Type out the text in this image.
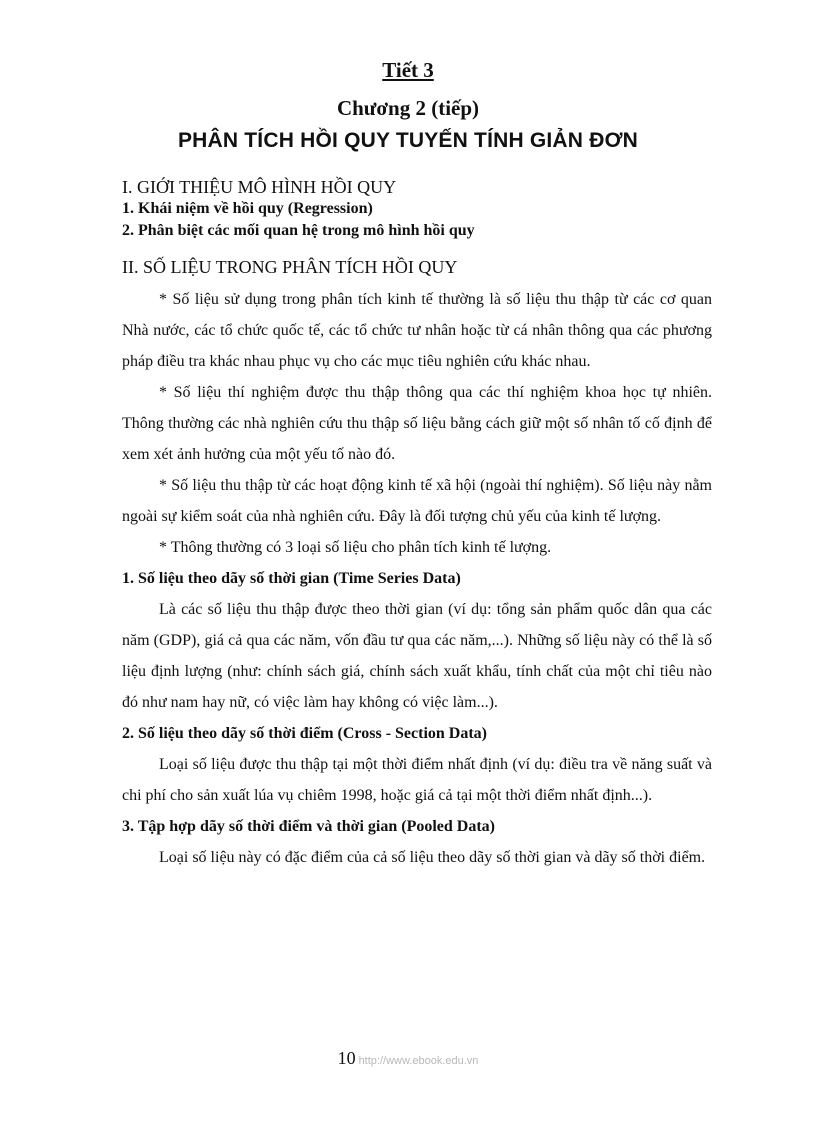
Tiết 3
Chương 2 (tiếp)
PHÂN TÍCH HỒI QUY TUYẾN TÍNH GIẢN ĐƠN
I. GIỚI THIỆU MÔ HÌNH HỒI QUY
1. Khái niệm về hồi quy (Regression)
2. Phân biệt các mối quan hệ trong mô hình hồi quy
II. SỐ LIỆU TRONG PHÂN TÍCH HỒI QUY

* Số liệu sử dụng trong phân tích kinh tế thường là số liệu thu thập từ các cơ quan Nhà nước, các tổ chức quốc tế, các tổ chức tư nhân hoặc từ cá nhân thông qua các phương pháp điều tra khác nhau phục vụ cho các mục tiêu nghiên cứu khác nhau.

* Số liệu thí nghiệm được thu thập thông qua các thí nghiệm khoa học tự nhiên. Thông thường các nhà nghiên cứu thu thập số liệu bằng cách giữ một số nhân tố cố định để xem xét ảnh hưởng của một yếu tố nào đó.

* Số liệu thu thập từ các hoạt động kinh tế xã hội (ngoài thí nghiệm). Số liệu này nằm ngoài sự kiểm soát của nhà nghiên cứu. Đây là đối tượng chủ yếu của kinh tế lượng.

* Thông thường có 3 loại số liệu cho phân tích kinh tế lượng.

1. Số liệu theo dãy số thời gian (Time Series Data)

Là các số liệu thu thập được theo thời gian (ví dụ: tổng sản phẩm quốc dân qua các năm (GDP), giá cả qua các năm, vốn đầu tư qua các năm,...). Những số liệu này có thể là số liệu định lượng (như: chính sách giá, chính sách xuất khẩu, tính chất của một chỉ tiêu nào đó như nam hay nữ, có việc làm hay không có việc làm...).

2. Số liệu theo dãy số thời điểm (Cross - Section Data)

Loại số liệu được thu thập tại một thời điểm nhất định (ví dụ: điều tra về năng suất và chi phí cho sản xuất lúa vụ chiêm 1998, hoặc giá cả tại một thời điểm nhất định...).

3. Tập hợp dãy số thời điểm và thời gian (Pooled Data)

Loại số liệu này có đặc điểm của cả số liệu theo dãy số thời gian và dãy số thời điểm.

10 http://www.ebook.edu.vn
